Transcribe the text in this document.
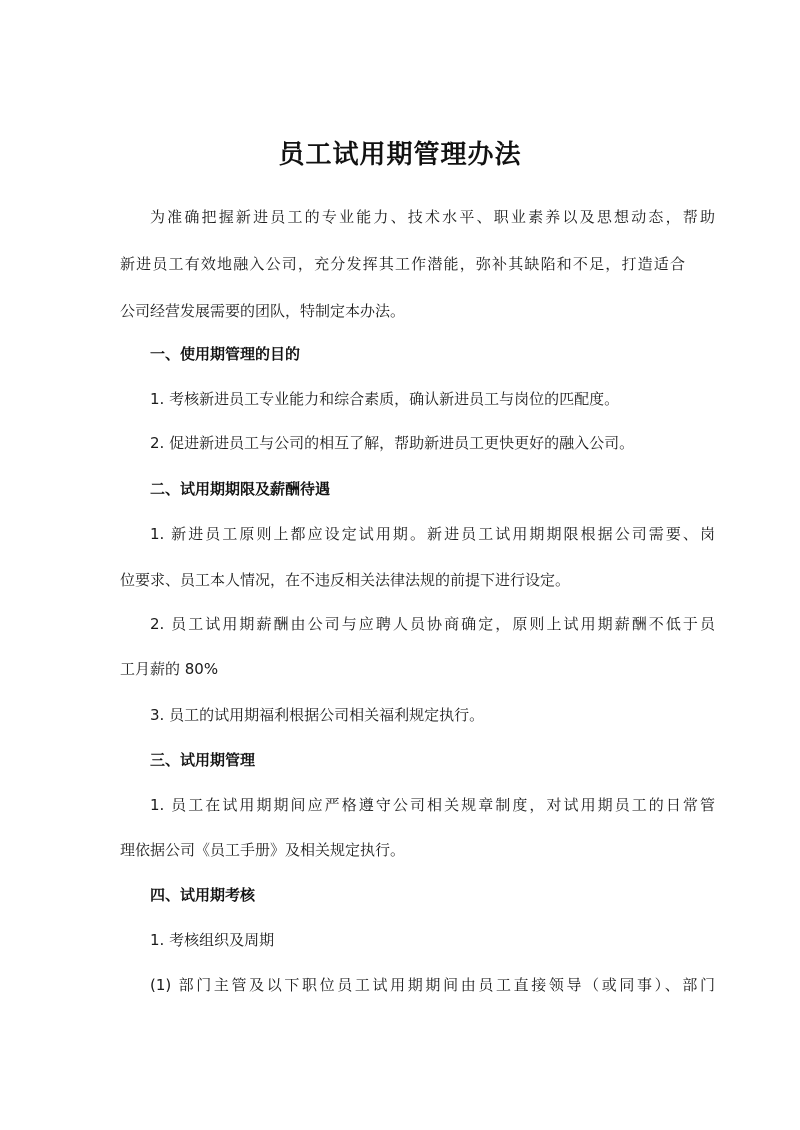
员工试用期管理办法

为准确把握新进员工的专业能力、技术水平、职业素养以及思想动态，帮助

新进员工有效地融入公司，充分发挥其工作潜能，弥补其缺陷和不足，打造适合

公司经营发展需要的团队，特制定本办法。

一、使用期管理的目的

1. 考核新进员工专业能力和综合素质，确认新进员工与岗位的匹配度。

2. 促进新进员工与公司的相互了解，帮助新进员工更快更好的融入公司。

二、试用期期限及薪酬待遇

1. 新进员工原则上都应设定试用期。新进员工试用期期限根据公司需要、岗

位要求、员工本人情况，在不违反相关法律法规的前提下进行设定。

2. 员工试用期薪酬由公司与应聘人员协商确定，原则上试用期薪酬不低于员

工月薪的 80%

3. 员工的试用期福利根据公司相关福利规定执行。

三、试用期管理

1. 员工在试用期期间应严格遵守公司相关规章制度，对试用期员工的日常管

理依据公司《员工手册》及相关规定执行。

四、试用期考核

1. 考核组织及周期

(1) 部门主管及以下职位员工试用期期间由员工直接领导（或同事）、部门
